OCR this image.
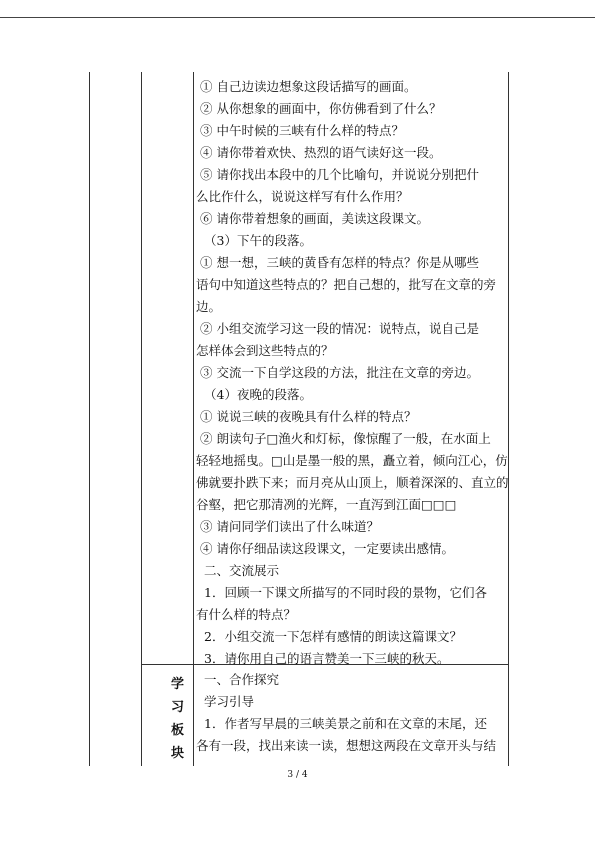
① 自己边读边想象这段话描写的画面。
② 从你想象的画面中，你仿佛看到了什么？
③ 中午时候的三峡有什么样的特点？
④ 请你带着欢快、热烈的语气读好这一段。
⑤ 请你找出本段中的几个比喻句，并说说分别把什
么比作什么，说说这样写有什么作用？
⑥ 请你带着想象的画面，美读这段课文。
（3）下午的段落。
① 想一想，三峡的黄昏有怎样的特点？你是从哪些
语句中知道这些特点的？把自己想的，批写在文章的旁
边。
② 小组交流学习这一段的情况：说特点，说自己是
怎样体会到这些特点的？
③ 交流一下自学这段的方法，批注在文章的旁边。
（4）夜晚的段落。
① 说说三峡的夜晚具有什么样的特点？
② 朗读句子□渔火和灯标，像惊醒了一般，在水面上
轻轻地摇曳。□山是墨一般的黑，矗立着，倾向江心，仿
佛就要扑跌下来；而月亮从山顶上，顺着深深的、直立的
谷壑，把它那清冽的光辉，一直泻到江面□□□
③ 请问同学们读出了什么味道？
④ 请你仔细品读这段课文，一定要读出感情。
二、交流展示
1．回顾一下课文所描写的不同时段的景物，它们各
有什么样的特点？
2．小组交流一下怎样有感情的朗读这篇课文？
3．请你用自己的语言赞美一下三峡的秋天。
一、合作探究
学习引导
1．作者写早晨的三峡美景之前和在文章的末尾，还
各有一段，找出来读一读，想想这两段在文章开头与结
学
习
板
块
3 / 4
